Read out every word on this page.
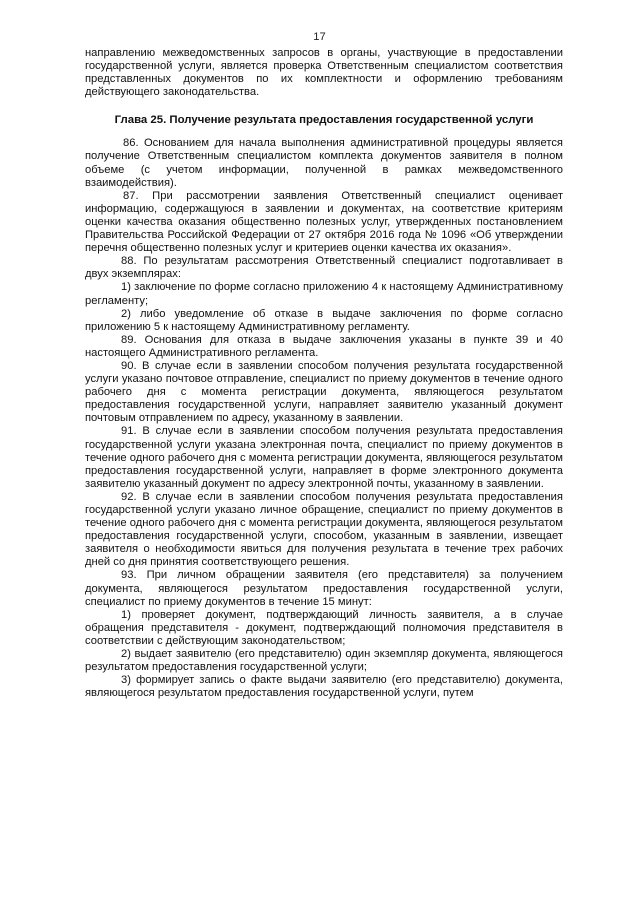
17

направлению межведомственных запросов в органы, участвующие в предоставлении государственной услуги, является проверка Ответственным специалистом соответствия представленных документов по их комплектности и оформлению требованиям действующего законодательства.

Глава 25. Получение результата предоставления государственной услуги

86. Основанием для начала выполнения административной процедуры является получение Ответственным специалистом комплекта документов заявителя в полном объеме (с учетом информации, полученной в рамках межведомственного взаимодействия).

87. При рассмотрении заявления Ответственный специалист оценивает информацию, содержащуюся в заявлении и документах, на соответствие критериям оценки качества оказания общественно полезных услуг, утвержденных постановлением Правительства Российской Федерации от 27 октября 2016 года № 1096 «Об утверждении перечня общественно полезных услуг и критериев оценки качества их оказания».

88. По результатам рассмотрения Ответственный специалист подготавливает в двух экземплярах:

1) заключение по форме согласно приложению 4 к настоящему Административному регламенту;

2) либо уведомление об отказе в выдаче заключения по форме согласно приложению 5 к настоящему Административному регламенту.

89. Основания для отказа в выдаче заключения указаны в пункте 39 и 40 настоящего Административного регламента.

90. В случае если в заявлении способом получения результата государственной услуги указано почтовое отправление, специалист по приему документов в течение одного рабочего дня с момента регистрации документа, являющегося результатом предоставления государственной услуги, направляет заявителю указанный документ почтовым отправлением по адресу, указанному в заявлении.

91. В случае если в заявлении способом получения результата предоставления государственной услуги указана электронная почта, специалист по приему документов в течение одного рабочего дня с момента регистрации документа, являющегося результатом предоставления государственной услуги, направляет в форме электронного документа заявителю указанный документ по адресу электронной почты, указанному в заявлении.

92. В случае если в заявлении способом получения результата предоставления государственной услуги указано личное обращение, специалист по приему документов в течение одного рабочего дня с момента регистрации документа, являющегося результатом предоставления государственной услуги, способом, указанным в заявлении, извещает заявителя о необходимости явиться для получения результата в течение трех рабочих дней со дня принятия соответствующего решения.

93. При личном обращении заявителя (его представителя) за получением документа, являющегося результатом предоставления государственной услуги, специалист по приему документов в течение 15 минут:

1) проверяет документ, подтверждающий личность заявителя, а в случае обращения представителя - документ, подтверждающий полномочия представителя в соответствии с действующим законодательством;

2) выдает заявителю (его представителю) один экземпляр документа, являющегося результатом предоставления государственной услуги;

3) формирует запись о факте выдачи заявителю (его представителю) документа, являющегося результатом предоставления государственной услуги, путем
